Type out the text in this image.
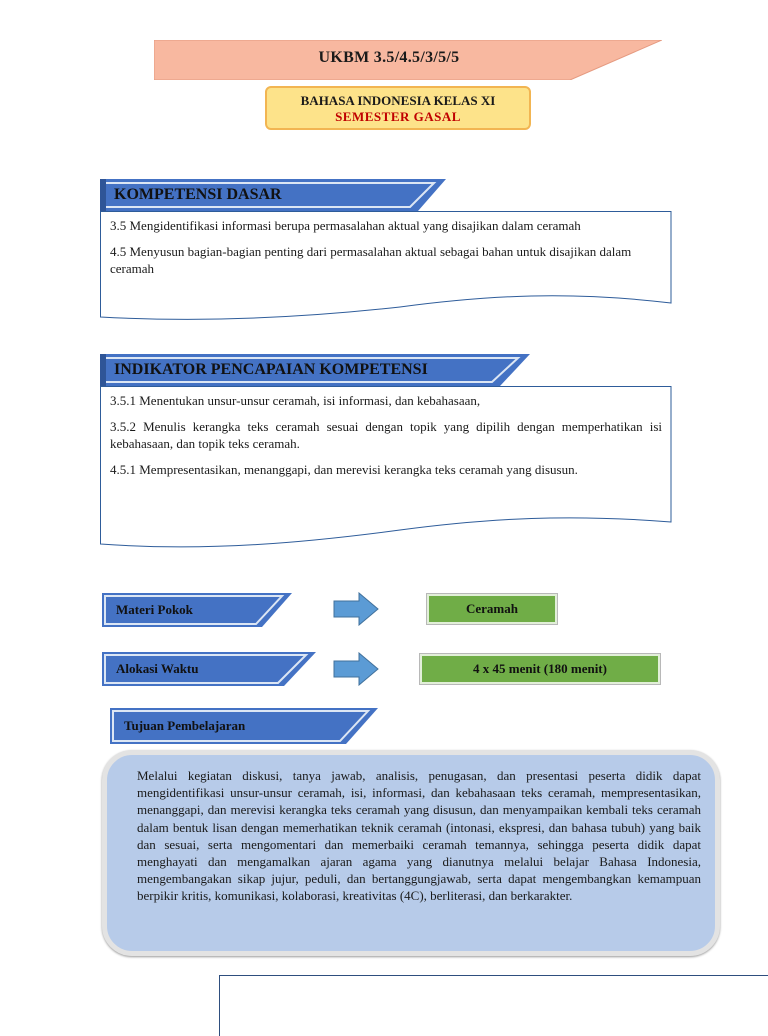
UKBM 3.5/4.5/3/5/5
BAHASA INDONESIA KELAS XI
SEMESTER GASAL
KOMPETENSI DASAR

3.5 Mengidentifikasi informasi berupa permasalahan aktual yang disajikan dalam ceramah

4.5 Menyusun bagian-bagian penting dari permasalahan aktual sebagai bahan untuk disajikan dalam ceramah

INDIKATOR PENCAPAIAN KOMPETENSI

3.5.1 Menentukan unsur-unsur ceramah, isi informasi, dan kebahasaan,

3.5.2 Menulis kerangka teks ceramah sesuai dengan topik yang dipilih dengan memperhatikan isi kebahasaan, dan topik teks ceramah.

4.5.1 Mempresentasikan, menanggapi, dan merevisi kerangka teks ceramah yang disusun.

Materi Pokok	Ceramah
Alokasi Waktu	4 x 45 menit (180 menit)
Tujuan Pembelajaran
Melalui kegiatan diskusi, tanya jawab, analisis, penugasan, dan presentasi peserta didik dapat mengidentifikasi unsur-unsur ceramah, isi, informasi, dan kebahasaan teks ceramah, mempresentasikan, menanggapi, dan merevisi kerangka teks ceramah yang disusun, dan menyampaikan kembali teks ceramah dalam bentuk lisan dengan memerhatikan teknik ceramah (intonasi, ekspresi, dan bahasa tubuh) yang baik dan sesuai, serta mengomentari dan memerbaiki ceramah temannya, sehingga peserta didik dapat menghayati dan mengamalkan ajaran agama yang dianutnya melalui belajar Bahasa Indonesia, mengembangakan sikap jujur, peduli, dan bertanggungjawab, serta dapat mengembangkan kemampuan berpikir kritis, komunikasi, kolaborasi, kreativitas (4C), berliterasi, dan berkarakter.
